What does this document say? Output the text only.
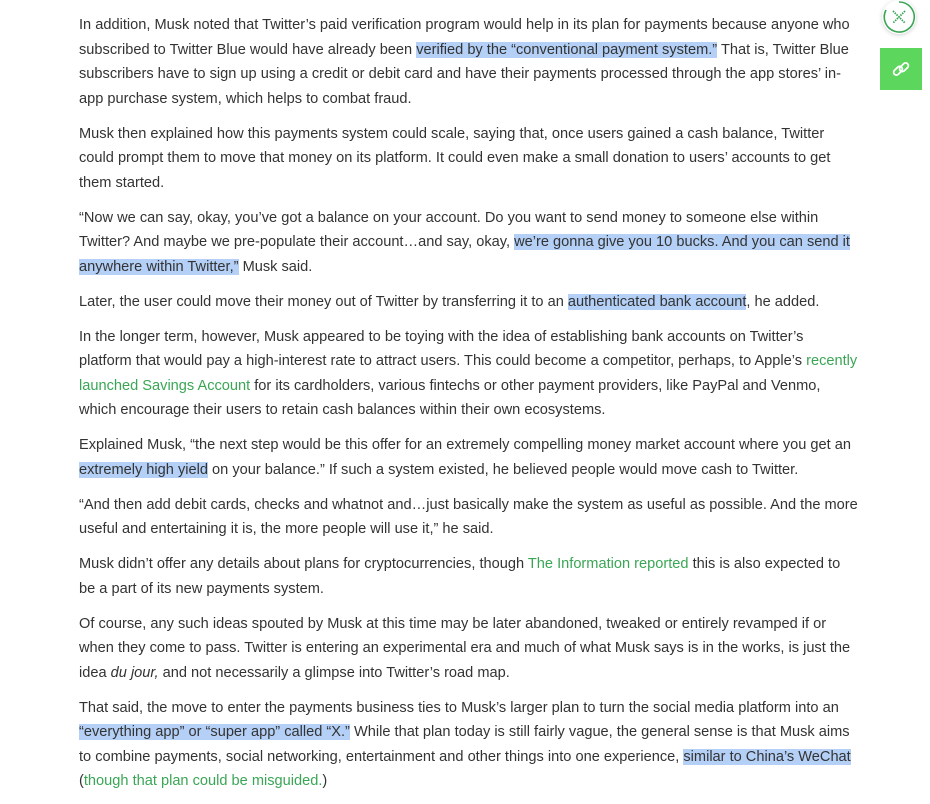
In addition, Musk noted that Twitter’s paid verification program would help in its plan for payments because anyone who subscribed to Twitter Blue would have already been verified by the “conventional payment system.” That is, Twitter Blue subscribers have to sign up using a credit or debit card and have their payments processed through the app stores’ in-app purchase system, which helps to combat fraud.

Musk then explained how this payments system could scale, saying that, once users gained a cash balance, Twitter could prompt them to move that money on its platform. It could even make a small donation to users’ accounts to get them started.

“Now we can say, okay, you’ve got a balance on your account. Do you want to send money to someone else within Twitter? And maybe we pre-populate their account…and say, okay, we’re gonna give you 10 bucks. And you can send it anywhere within Twitter,” Musk said.

Later, the user could move their money out of Twitter by transferring it to an authenticated bank account, he added.

In the longer term, however, Musk appeared to be toying with the idea of establishing bank accounts on Twitter’s platform that would pay a high-interest rate to attract users. This could become a competitor, perhaps, to Apple’s recently launched Savings Account for its cardholders, various fintechs or other payment providers, like PayPal and Venmo, which encourage their users to retain cash balances within their own ecosystems.

Explained Musk, “the next step would be this offer for an extremely compelling money market account where you get an extremely high yield on your balance.” If such a system existed, he believed people would move cash to Twitter.

“And then add debit cards, checks and whatnot and…just basically make the system as useful as possible. And the more useful and entertaining it is, the more people will use it,” he said.

Musk didn’t offer any details about plans for cryptocurrencies, though The Information reported this is also expected to be a part of its new payments system.

Of course, any such ideas spouted by Musk at this time may be later abandoned, tweaked or entirely revamped if or when they come to pass. Twitter is entering an experimental era and much of what Musk says is in the works, is just the idea du jour, and not necessarily a glimpse into Twitter’s road map.

That said, the move to enter the payments business ties to Musk’s larger plan to turn the social media platform into an “everything app” or “super app” called “X.” While that plan today is still fairly vague, the general sense is that Musk aims to combine payments, social networking, entertainment and other things into one experience, similar to China’s WeChat (though that plan could be misguided.)
